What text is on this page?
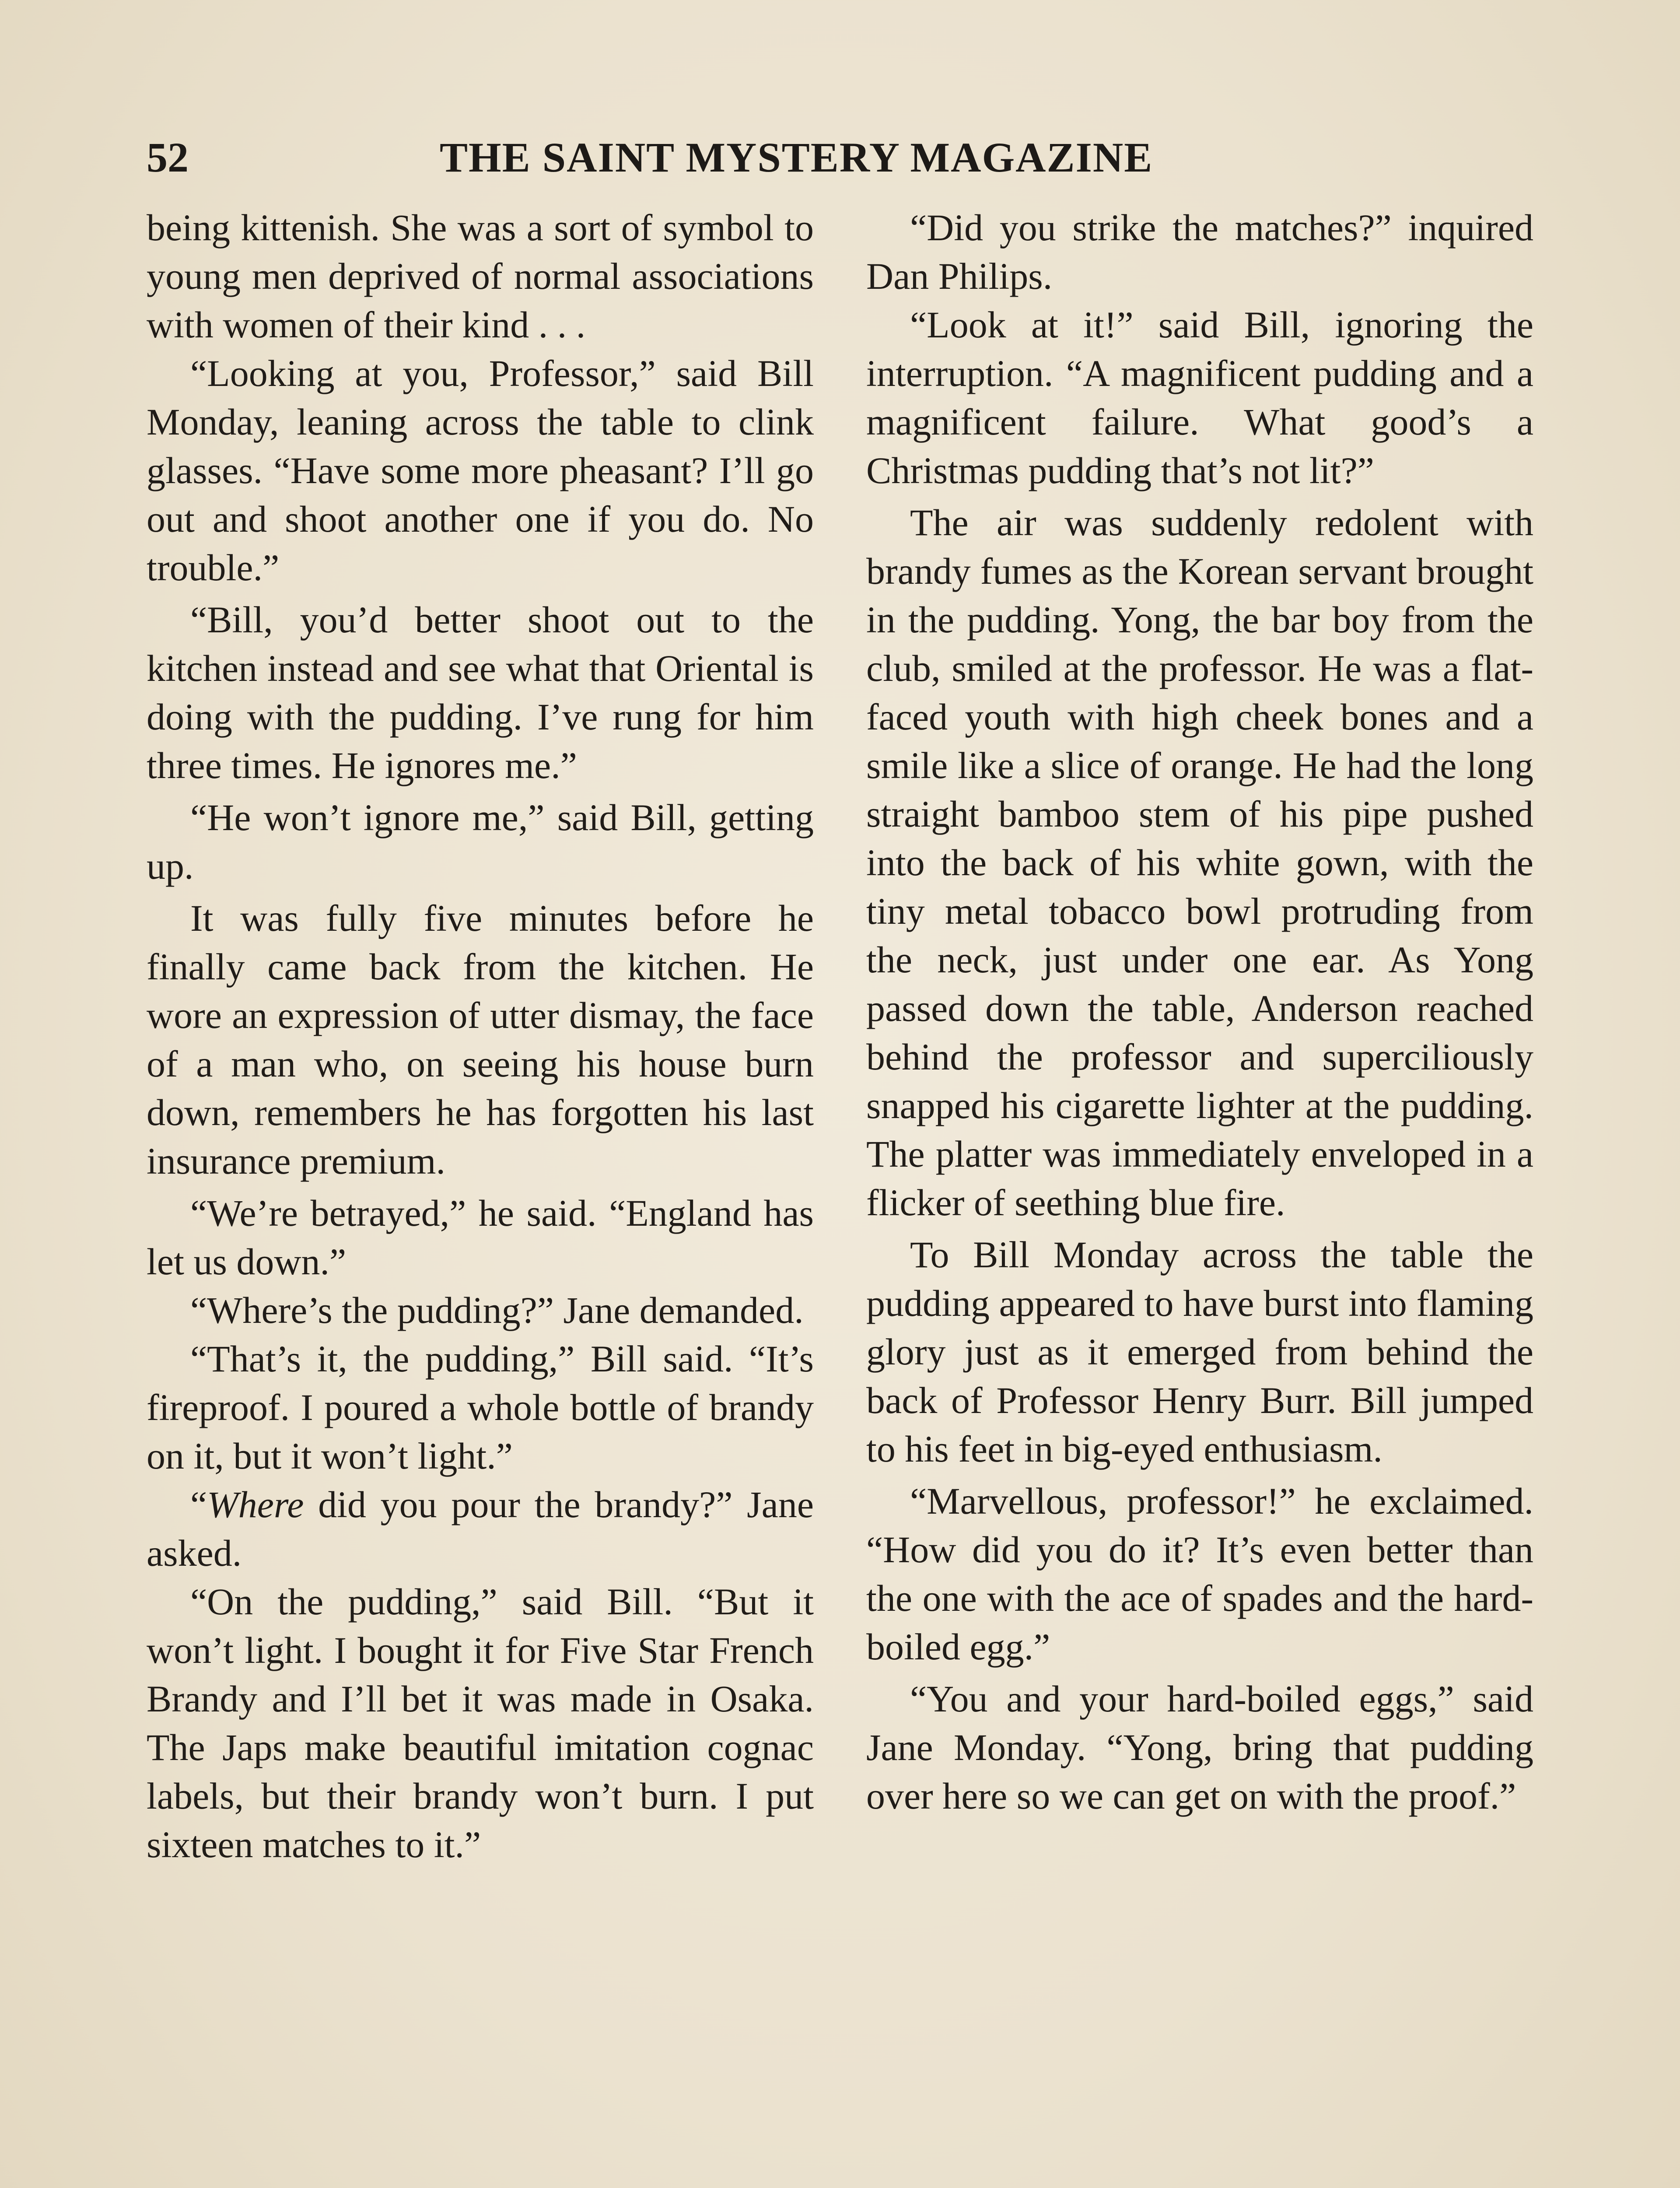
52	THE SAINT MYSTERY MAGAZINE

being kittenish. She was a sort of symbol to young men deprived of normal associations with women of their kind . . .

“Looking at you, Professor,” said Bill Monday, leaning across the table to clink glasses. “Have some more pheasant? I’ll go out and shoot another one if you do. No trouble.”

“Bill, you’d better shoot out to the kitchen instead and see what that Oriental is doing with the pudding. I’ve rung for him three times. He ignores me.”

“He won’t ignore me,” said Bill, getting up.

It was fully five minutes before he finally came back from the kitchen. He wore an expression of utter dismay, the face of a man who, on seeing his house burn down, remembers he has forgotten his last insurance premium.

“We’re betrayed,” he said. “England has let us down.”

“Where’s the pudding?” Jane demanded.

“That’s it, the pudding,” Bill said. “It’s fireproof. I poured a whole bottle of brandy on it, but it won’t light.”

“Where did you pour the brandy?” Jane asked.

“On the pudding,” said Bill. “But it won’t light. I bought it for Five Star French Brandy and I’ll bet it was made in Osaka. The Japs make beautiful imitation cognac labels, but their brandy won’t burn. I put sixteen matches to it.”

“Did you strike the matches?” inquired Dan Philips.

“Look at it!” said Bill, ignoring the interruption. “A magnificent pudding and a magnificent failure. What good’s a Christmas pudding that’s not lit?”

The air was suddenly redolent with brandy fumes as the Korean servant brought in the pudding. Yong, the bar boy from the club, smiled at the professor. He was a flat-faced youth with high cheek bones and a smile like a slice of orange. He had the long straight bamboo stem of his pipe pushed into the back of his white gown, with the tiny metal tobacco bowl protruding from the neck, just under one ear. As Yong passed down the table, Anderson reached behind the professor and superciliously snapped his cigarette lighter at the pudding. The platter was immediately enveloped in a flicker of seething blue fire.

To Bill Monday across the table the pudding appeared to have burst into flaming glory just as it emerged from behind the back of Professor Henry Burr. Bill jumped to his feet in big-eyed enthusiasm.

“Marvellous, professor!” he exclaimed. “How did you do it? It’s even better than the one with the ace of spades and the hard-boiled egg.”

“You and your hard-boiled eggs,” said Jane Monday. “Yong, bring that pudding over here so we can get on with the proof.”
